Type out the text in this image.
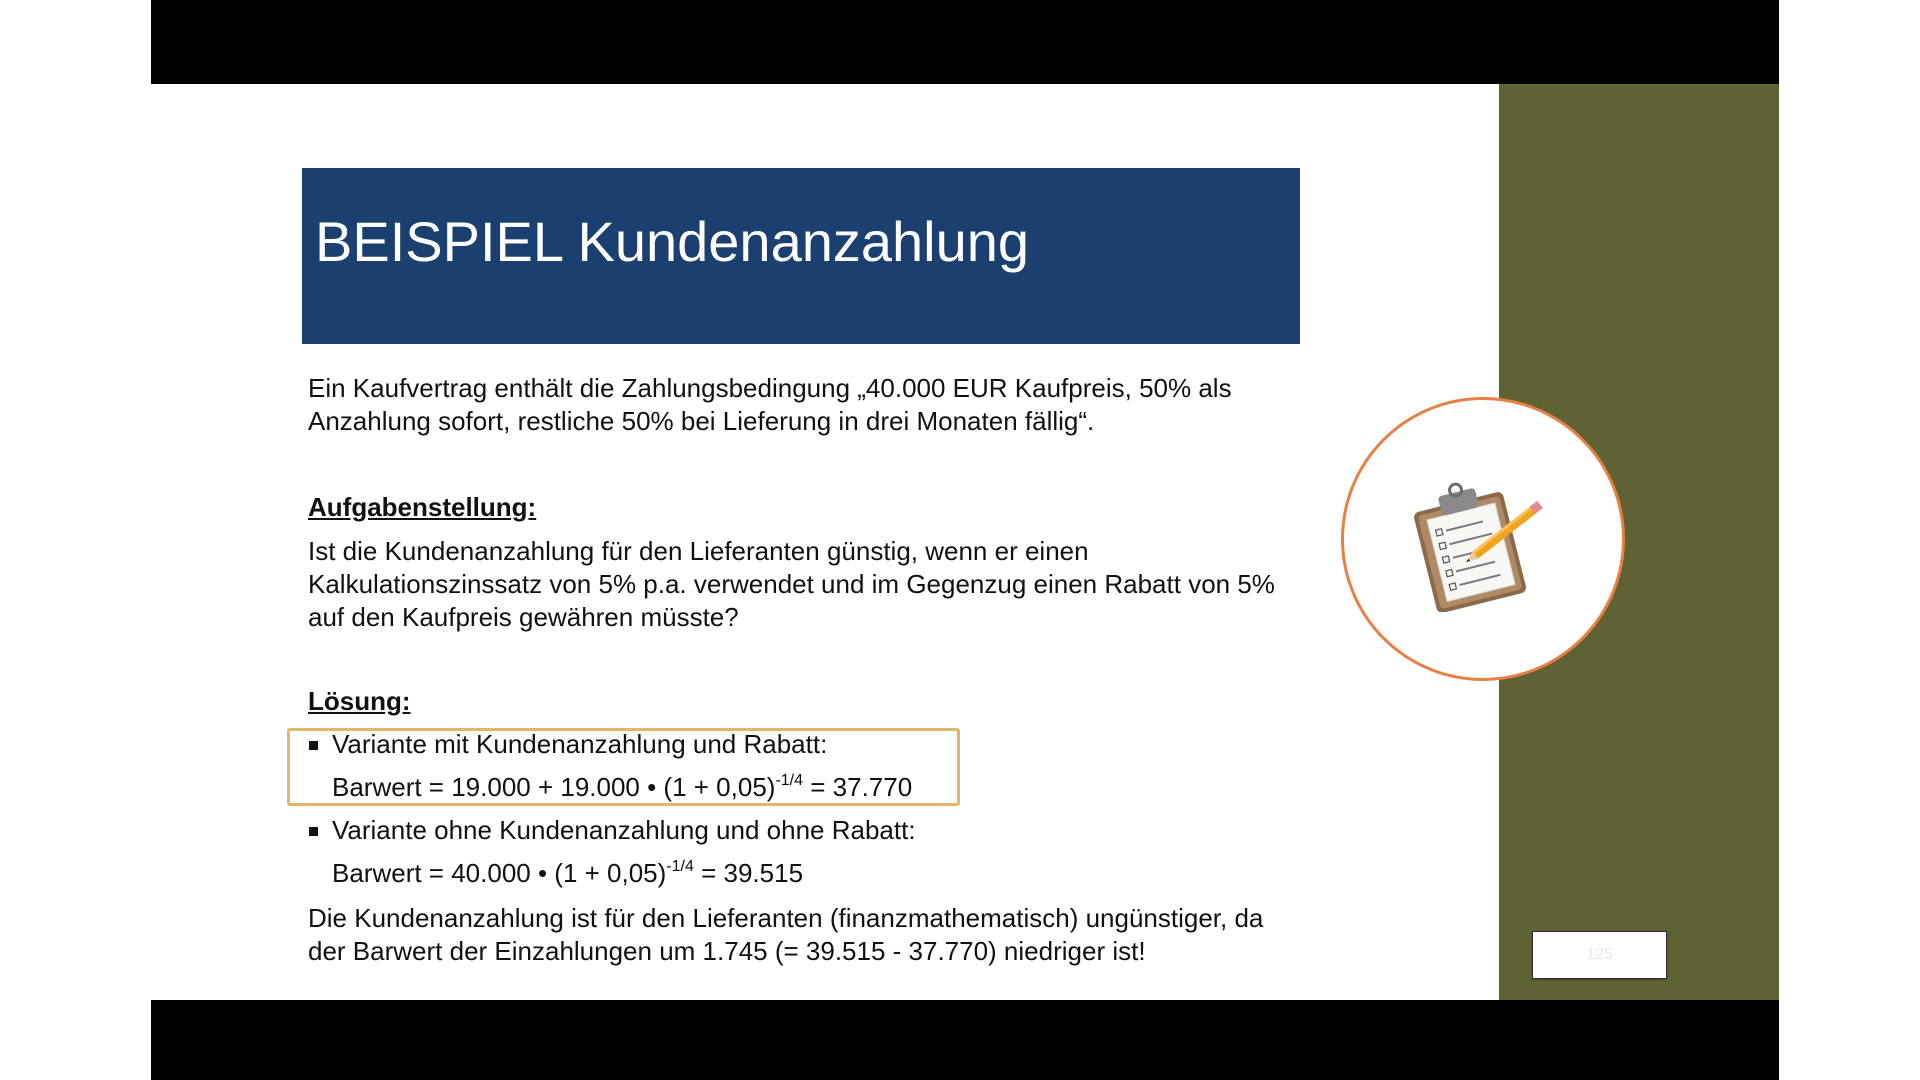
BEISPIEL Kundenanzahlung
Ein Kaufvertrag enthält die Zahlungsbedingung „40.000 EUR Kaufpreis, 50% als
Anzahlung sofort, restliche 50% bei Lieferung in drei Monaten fällig“.
Aufgabenstellung:
Ist die Kundenanzahlung für den Lieferanten günstig, wenn er einen
Kalkulationszinssatz von 5% p.a. verwendet und im Gegenzug einen Rabatt von 5%
auf den Kaufpreis gewähren müsste?
Lösung:
Variante mit Kundenanzahlung und Rabatt:
Barwert = 19.000 + 19.000 • $(1 + 0,05)^{-1/4} = 37.770$
Variante ohne Kundenanzahlung und ohne Rabatt:
Barwert = 40.000 • $(1 + 0,05)^{-1/4} = 39.515$
Die Kundenanzahlung ist für den Lieferanten (finanzmathematisch) ungünstiger, da
der Barwert der Einzahlungen um 1.745 (= 39.515 - 37.770) niedriger ist!	125
